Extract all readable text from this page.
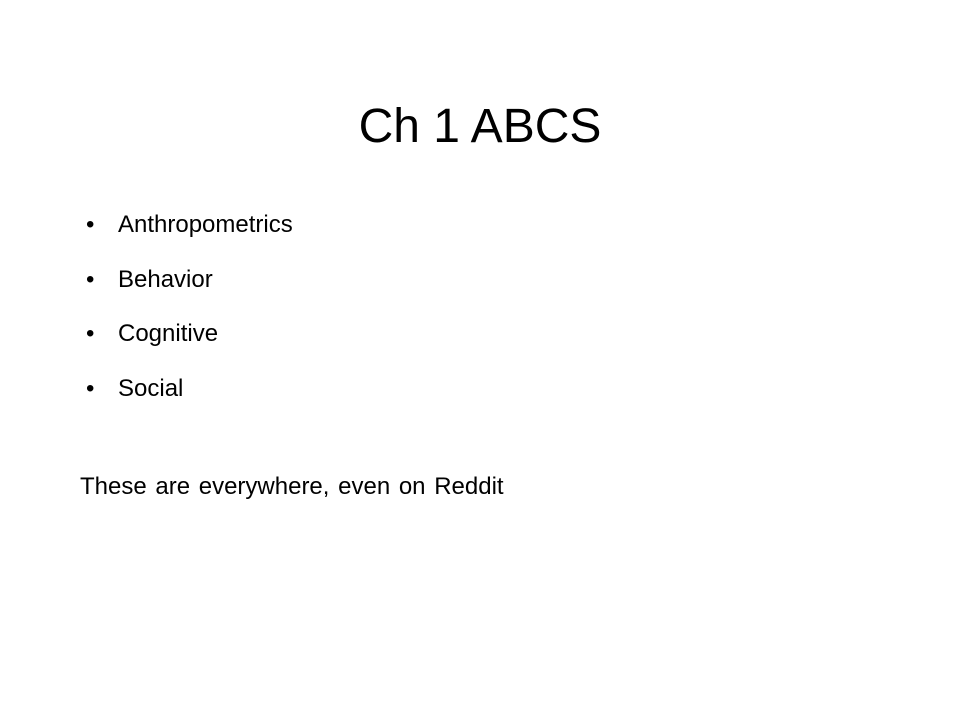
Ch 1 ABCS
• Anthropometrics
• Behavior
• Cognitive
• Social

These are everywhere, even on Reddit
